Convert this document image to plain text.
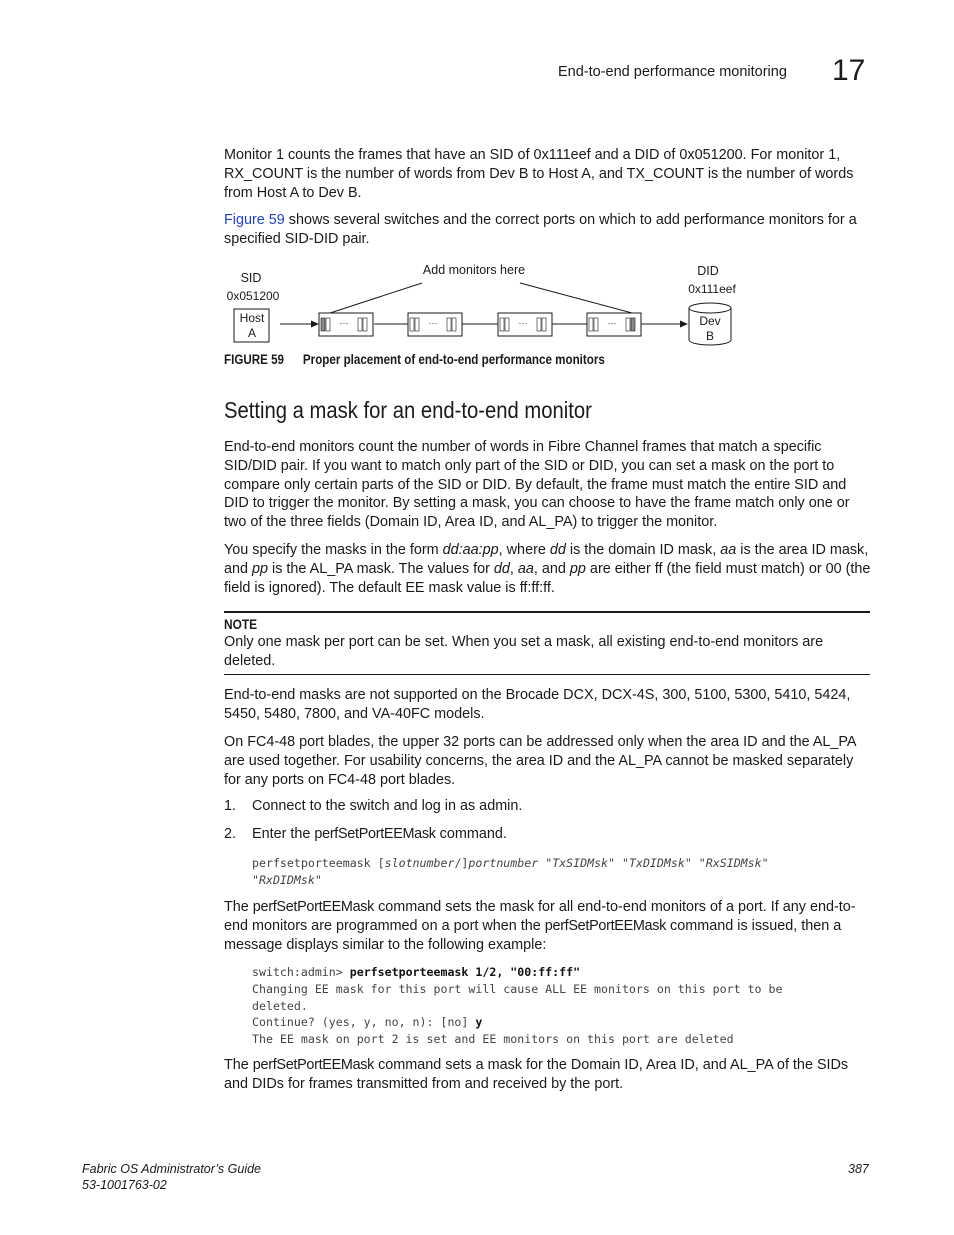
End-to-end performance monitoring 17

Monitor 1 counts the frames that have an SID of 0x111eef and a DID of 0x051200. For monitor 1, RX_COUNT is the number of words from Dev B to Host A, and TX_COUNT is the number of words from Host A to Dev B.

Figure 59 shows several switches and the correct ports on which to add performance monitors for a specified SID-DID pair.

SID
0x051200
DID
0x111eef
Add monitors here
Host
A
···	···	···	···	Dev
B
FIGURE 59 Proper placement of end-to-end performance monitors
Setting a mask for an end-to-end monitor

End-to-end monitors count the number of words in Fibre Channel frames that match a specific SID/DID pair. If you want to match only part of the SID or DID, you can set a mask on the port to compare only certain parts of the SID or DID. By default, the frame must match the entire SID and DID to trigger the monitor. By setting a mask, you can choose to have the frame match only one or two of the three fields (Domain ID, Area ID, and AL_PA) to trigger the monitor.

You specify the masks in the form dd:aa:pp, where dd is the domain ID mask, aa is the area ID mask, and pp is the AL_PA mask. The values for dd, aa, and pp are either ff (the field must match) or 00 (the field is ignored). The default EE mask value is ff:ff:ff.

NOTE

Only one mask per port can be set. When you set a mask, all existing end-to-end monitors are deleted.

End-to-end masks are not supported on the Brocade DCX, DCX-4S, 300, 5100, 5300, 5410, 5424, 5450, 5480, 7800, and VA-40FC models.

On FC4-48 port blades, the upper 32 ports can be addressed only when the area ID and the AL_PA are used together. For usability concerns, the area ID and the AL_PA cannot be masked separately for any ports on FC4-48 port blades.

1. Connect to the switch and log in as admin.
2. Enter the perfSetPortEEMask command.
perfsetporteemask [slotnumber/]portnumber "TxSIDMsk" "TxDIDMsk" "RxSIDMsk"
"RxDIDMsk"

The perfSetPortEEMask command sets the mask for all end-to-end monitors of a port. If any end-to-end monitors are programmed on a port when the perfSetPortEEMask command is issued, then a message displays similar to the following example:

switch:admin> perfsetporteemask 1/2, "00:ff:ff"
Changing EE mask for this port will cause ALL EE monitors on this port to be
deleted.
Continue? (yes, y, no, n): [no] y
The EE mask on port 2 is set and EE monitors on this port are deleted

The perfSetPortEEMask command sets a mask for the Domain ID, Area ID, and AL_PA of the SIDs and DIDs for frames transmitted from and received by the port.

Fabric OS Administrator’s Guide
53-1001763-02
387
